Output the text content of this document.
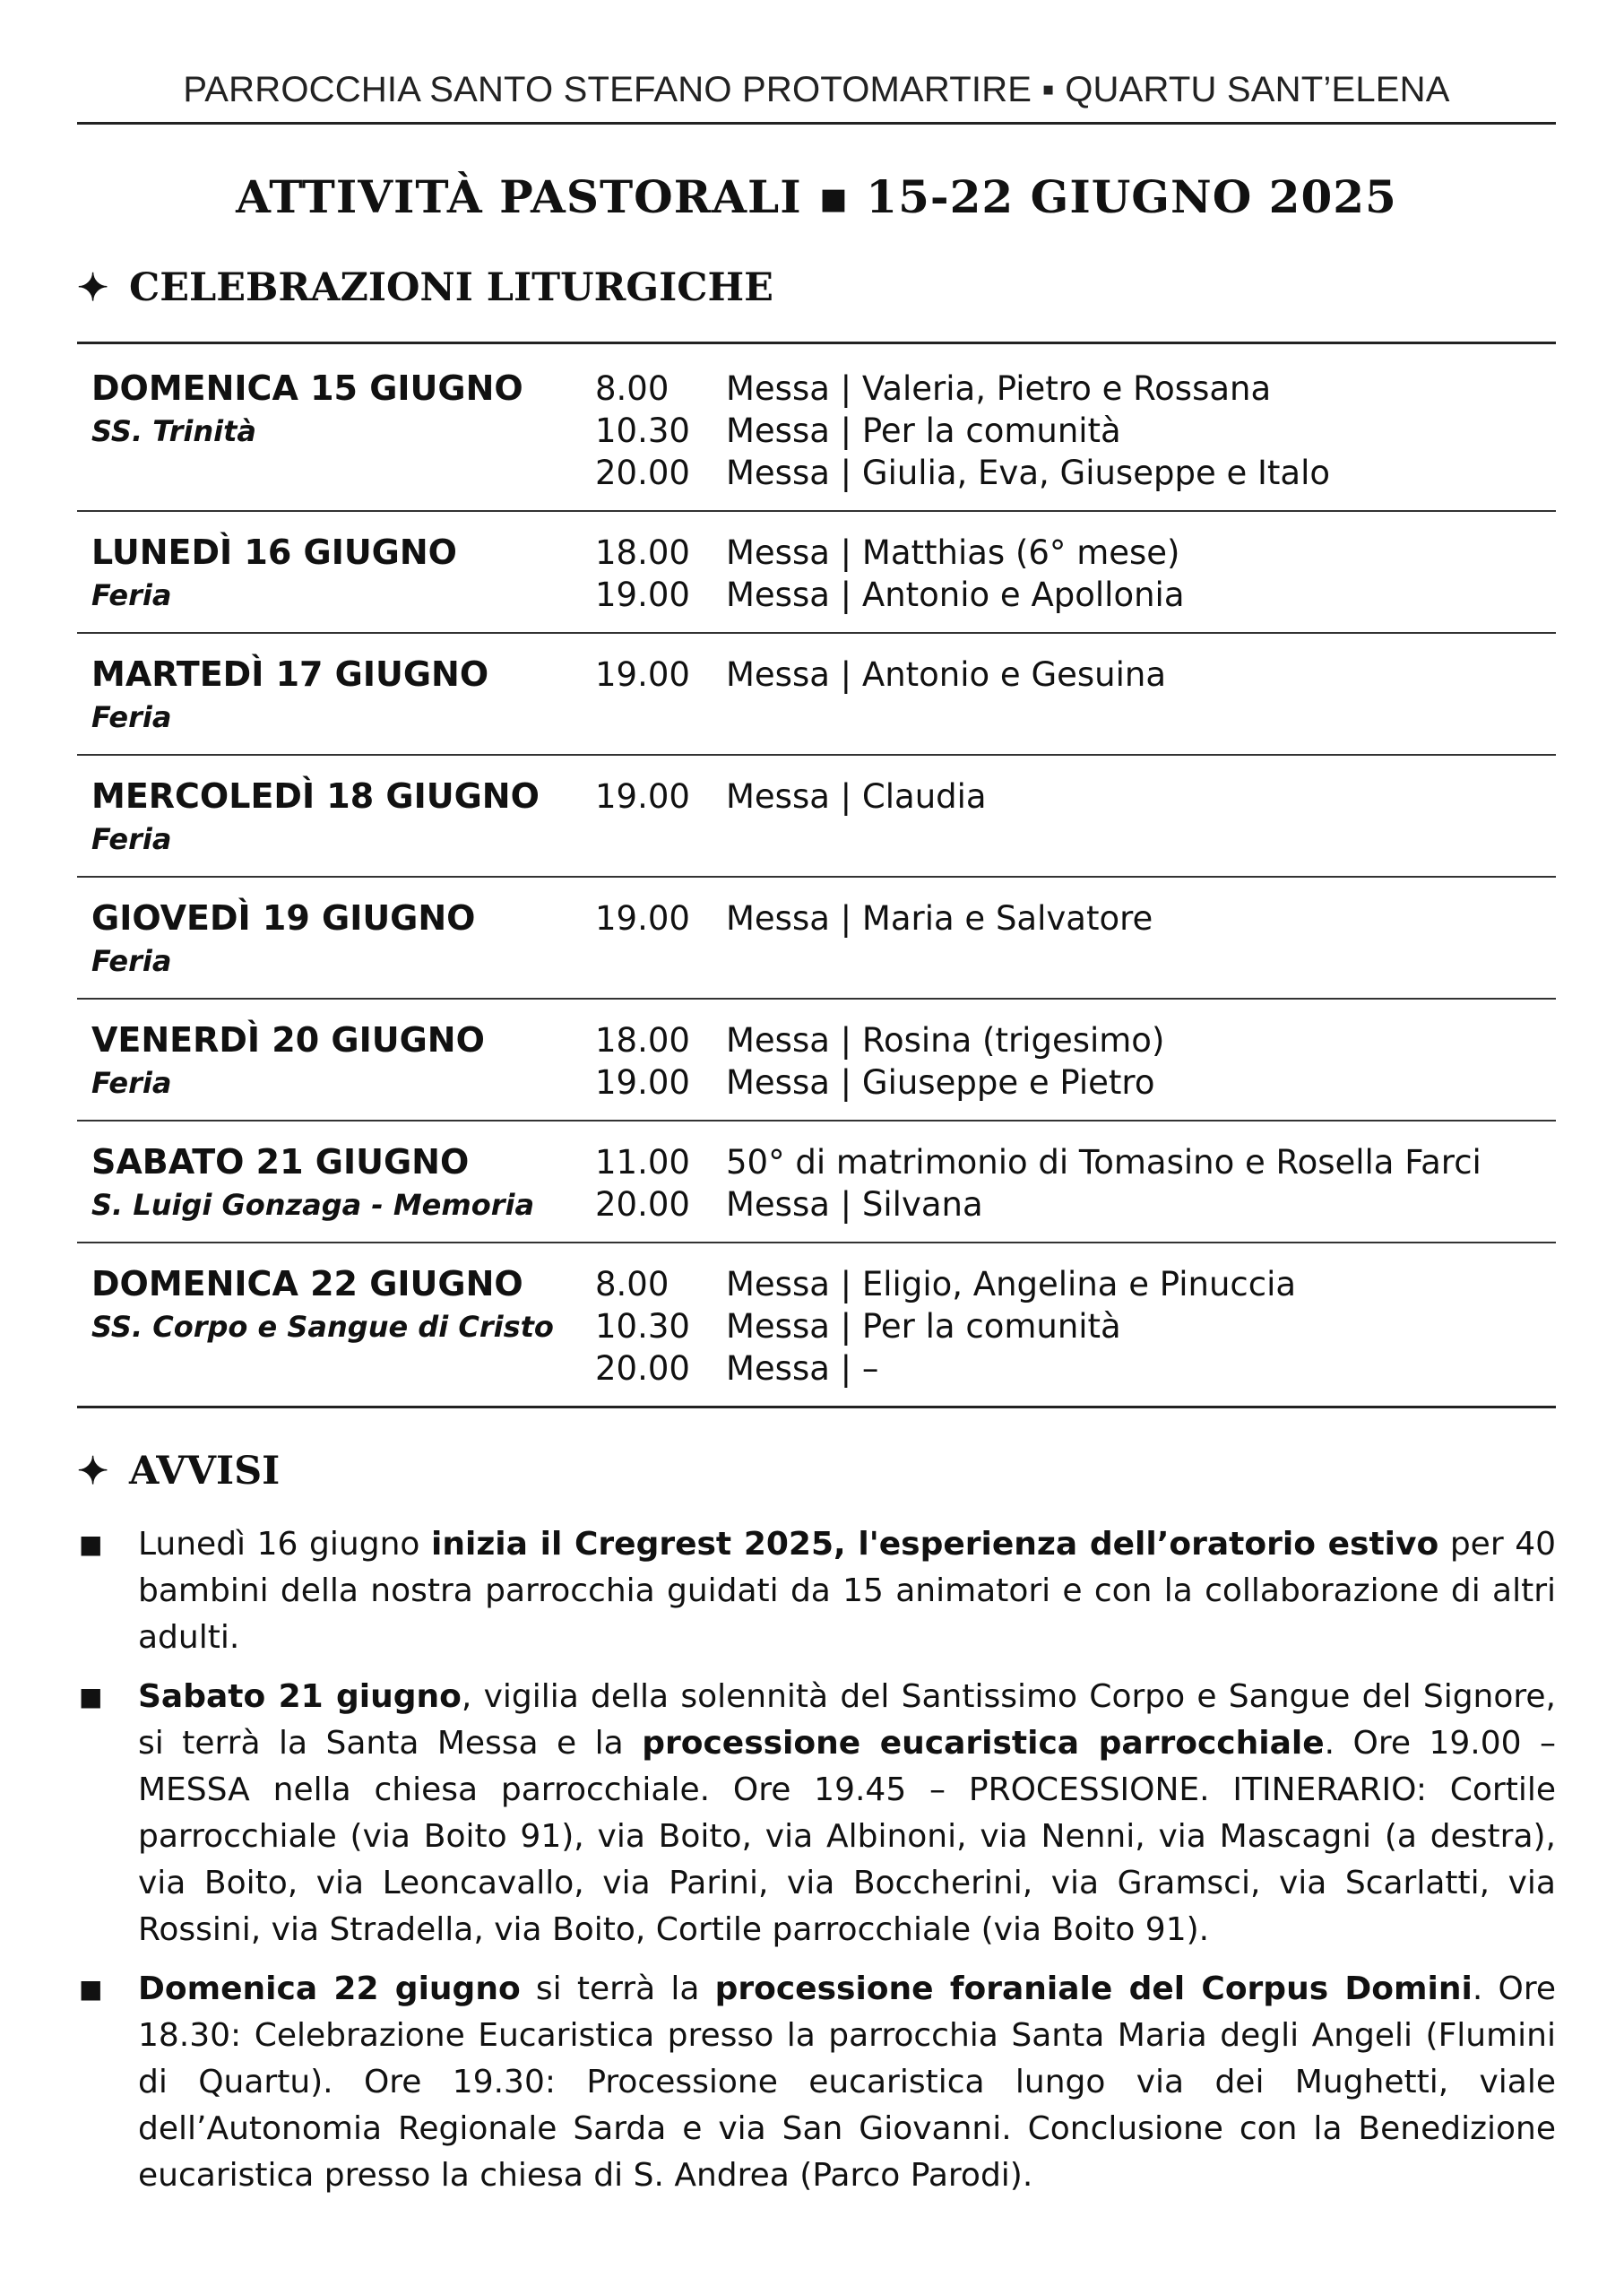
PARROCCHIA SANTO STEFANO PROTOMARTIRE ▪ QUARTU SANT’ELENA
ATTIVITÀ PASTORALI ▪ 15-22 GIUGNO 2025
✦ CELEBRAZIONI LITURGICHE
DOMENICA 15 GIUGNO
SS. Trinità
8.00	Messa | Valeria, Pietro e Rossana
10.30	Messa | Per la comunità
20.00	Messa | Giulia, Eva, Giuseppe e Italo
LUNEDÌ 16 GIUGNO
Feria
18.00	Messa | Matthias (6° mese)
19.00	Messa | Antonio e Apollonia
MARTEDÌ 17 GIUGNO
Feria
19.00	Messa | Antonio e Gesuina
MERCOLEDÌ 18 GIUGNO
Feria
19.00	Messa | Claudia
GIOVEDÌ 19 GIUGNO
Feria
19.00	Messa | Maria e Salvatore
VENERDÌ 20 GIUGNO
Feria
18.00	Messa | Rosina (trigesimo)
19.00	Messa | Giuseppe e Pietro
SABATO 21 GIUGNO
S. Luigi Gonzaga - Memoria
11.00	50° di matrimonio di Tomasino e Rosella Farci
20.00	Messa | Silvana
DOMENICA 22 GIUGNO
SS. Corpo e Sangue di Cristo
8.00	Messa | Eligio, Angelina e Pinuccia
10.30	Messa | Per la comunità
20.00	Messa | –
✦ AVVISI
■	Lunedì 16 giugno inizia il Cregrest 2025, l'esperienza dell’oratorio estivo per 40 bambini della nostra parrocchia guidati da 15 animatori e con la collaborazione di altri adulti.
■	Sabato 21 giugno, vigilia della solennità del Santissimo Corpo e Sangue del Signore, si terrà la Santa Messa e la processione eucaristica parrocchiale. Ore 19.00 – MESSA nella chiesa parrocchiale. Ore 19.45 – PROCESSIONE. ITINERARIO: Cortile parrocchiale (via Boito 91), via Boito, via Albinoni, via Nenni, via Mascagni (a destra), via Boito, via Leoncavallo, via Parini, via Boccherini, via Gramsci, via Scarlatti, via Rossini, via Stradella, via Boito, Cortile parrocchiale (via Boito 91).
■	Domenica 22 giugno si terrà la processione foraniale del Corpus Domini. Ore 18.30: Celebrazione Eucaristica presso la parrocchia Santa Maria degli Angeli (Flumini di Quartu). Ore 19.30: Processione eucaristica lungo via dei Mughetti, viale dell’Autonomia Regionale Sarda e via San Giovanni. Conclusione con la Benedizione eucaristica presso la chiesa di S. Andrea (Parco Parodi).
